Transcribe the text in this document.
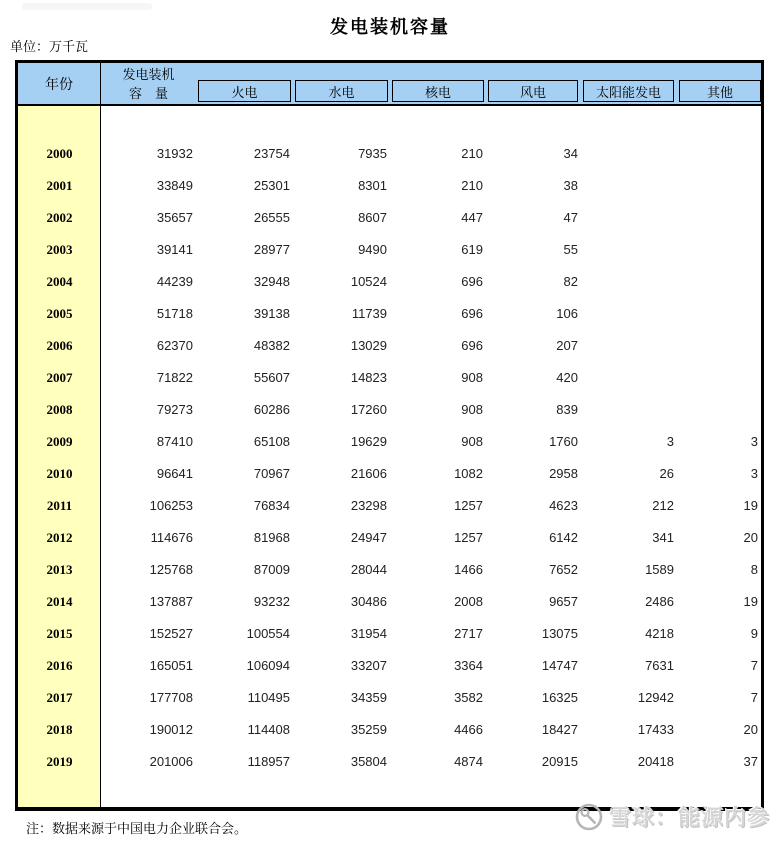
发电装机容量
单位：万千瓦
年份
发电装机
容　量	火电	水电	核电	风电	太阳能发电	其他
2000	31932	23754	7935	210	34
2001	33849	25301	8301	210	38
2002	35657	26555	8607	447	47
2003	39141	28977	9490	619	55
2004	44239	32948	10524	696	82
2005	51718	39138	11739	696	106
2006	62370	48382	13029	696	207
2007	71822	55607	14823	908	420
2008	79273	60286	17260	908	839
2009	87410	65108	19629	908	1760	3	3
2010	96641	70967	21606	1082	2958	26	3
2011	106253	76834	23298	1257	4623	212	19
2012	114676	81968	24947	1257	6142	341	20
2013	125768	87009	28044	1466	7652	1589	8
2014	137887	93232	30486	2008	9657	2486	19
2015	152527	100554	31954	2717	13075	4218	9
2016	165051	106094	33207	3364	14747	7631	7
2017	177708	110495	34359	3582	16325	12942	7
2018	190012	114408	35259	4466	18427	17433	20
2019	201006	118957	35804	4874	20915	20418	37
注：数据来源于中国电力企业联合会。	雪球：能源内参
